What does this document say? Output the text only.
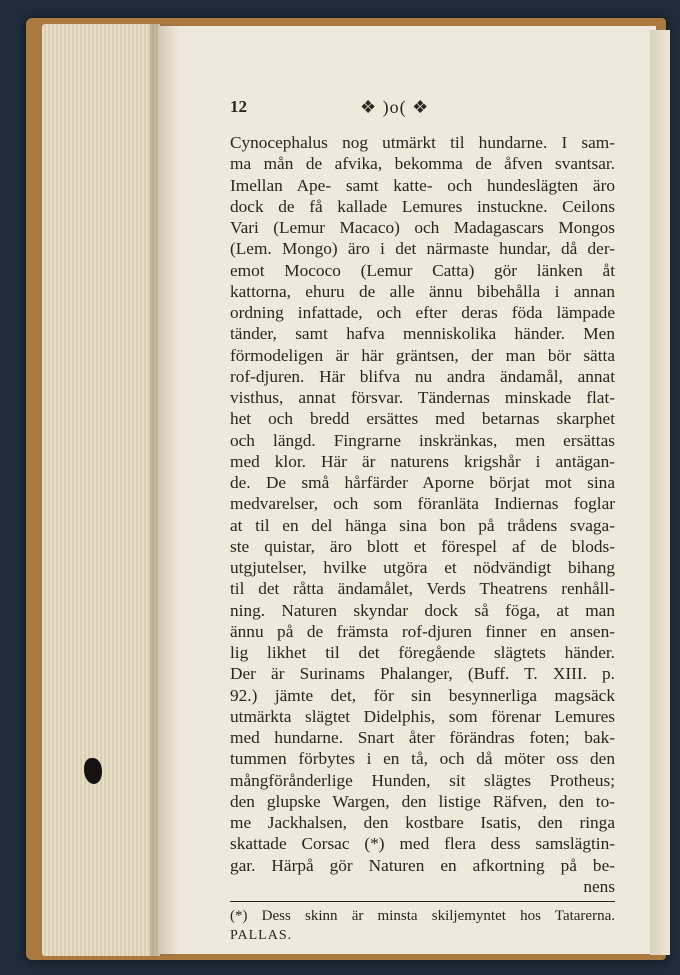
12	❖ )o( ❖
Cynocephalus nog utmärkt til hundarne. I sam-
ma mån de afvika, bekomma de åfven svantsar.
Imellan Ape- samt katte- och hundeslägten äro
dock de få kallade Lemures instuckne. Ceilons
Vari (Lemur Macaco) och Madagascars Mongos
(Lem. Mongo) äro i det närmaste hundar, då der-
emot Mococo (Lemur Catta) gör länken åt
kattorna, ehuru de alle ännu bibehålla i annan
ordning infattade, och efter deras föda lämpade
tänder, samt hafva menniskolika händer. Men
förmodeligen är här gräntsen, der man bör sätta
rof-djuren. Här blifva nu andra ändamål, annat
visthus, annat försvar. Tändernas minskade flat-
het och bredd ersättes med betarnas skarphet
och längd. Fingrarne inskränkas, men ersättas
med klor. Här är naturens krigshår i antägan-
de. De små hårfärder Aporne börjat mot sina
medvarelser, och som föranläta Indiernas foglar
at til en del hänga sina bon på trådens svaga-
ste quistar, äro blott et förespel af de blods-
utgjutelser, hvilke utgöra et nödvändigt bihang
til det råtta ändamålet, Verds Theatrens renhåll-
ning. Naturen skyndar dock så föga, at man
ännu på de främsta rof-djuren finner en ansen-
lig likhet til det föregående slägtets händer.
Der är Surinams Phalanger, (Buff. T. XIII. p.
92.) jämte det, för sin besynnerliga magsäck
utmärkta slägtet Didelphis, som förenar Lemures
med hundarne. Snart åter förändras foten; bak-
tummen förbytes i en tå, och då möter oss den
mångförånderlige Hunden, sit slägtes Protheus;
den glupske Wargen, den listige Räfven, den to-
me Jackhalsen, den kostbare Isatis, den ringa
skattade Corsac (*) med flera dess samslägtin-
gar. Härpå gör Naturen en afkortning på be-
nens
(*) Dess skinn är minsta skiljemyntet hos Tatarerna.
PALLAS.
